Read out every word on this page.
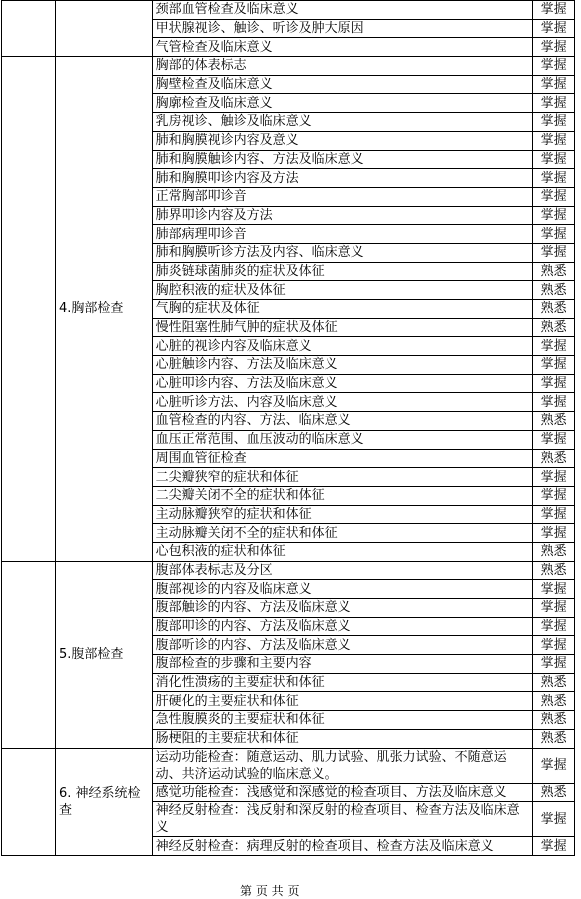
		颈部血管检查及临床意义	掌握
		甲状腺视诊、触诊、听诊及肿大原因	掌握
		气管检查及临床意义	掌握
	4.胸部检查	胸部的体表标志	掌握
		胸壁检查及临床意义	掌握
		胸廓检查及临床意义	掌握
		乳房视诊、触诊及临床意义	掌握
		肺和胸膜视诊内容及意义	掌握
		肺和胸膜触诊内容、方法及临床意义	掌握
		肺和胸膜叩诊内容及方法	掌握
		正常胸部叩诊音	掌握
		肺界叩诊内容及方法	掌握
		肺部病理叩诊音	掌握
		肺和胸膜听诊方法及内容、临床意义	掌握
		肺炎链球菌肺炎的症状及体征	熟悉
		胸腔积液的症状及体征	熟悉
		气胸的症状及体征	熟悉
		慢性阻塞性肺气肿的症状及体征	熟悉
		心脏的视诊内容及临床意义	掌握
		心脏触诊内容、方法及临床意义	掌握
		心脏叩诊内容、方法及临床意义	掌握
		心脏听诊方法、内容及临床意义	掌握
		血管检查的内容、方法、临床意义	熟悉
		血压正常范围、血压波动的临床意义	掌握
		周围血管征检查	熟悉
		二尖瓣狭窄的症状和体征	掌握
		二尖瓣关闭不全的症状和体征	掌握
		主动脉瓣狭窄的症状和体征	掌握
		主动脉瓣关闭不全的症状和体征	掌握
		心包积液的症状和体征	熟悉
	5.腹部检查	腹部体表标志及分区	熟悉
		腹部视诊的内容及临床意义	掌握
		腹部触诊的内容、方法及临床意义	掌握
		腹部叩诊的内容、方法及临床意义	掌握
		腹部听诊的内容、方法及临床意义	掌握
		腹部检查的步骤和主要内容	掌握
		消化性溃疡的主要症状和体征	熟悉
		肝硬化的主要症状和体征	熟悉
		急性腹膜炎的主要症状和体征	熟悉
		肠梗阻的主要症状和体征	熟悉
	6. 神经系统检查	运动功能检查：随意运动、肌力试验、肌张力试验、不随意运动、共济运动试验的临床意义。	掌握
		感觉功能检查：浅感觉和深感觉的检查项目、方法及临床意义	熟悉
		神经反射检查：浅反射和深反射的检查项目、检查方法及临床意义	掌握
		神经反射检查：病理反射的检查项目、检查方法及临床意义	掌握
第 页 共 页
